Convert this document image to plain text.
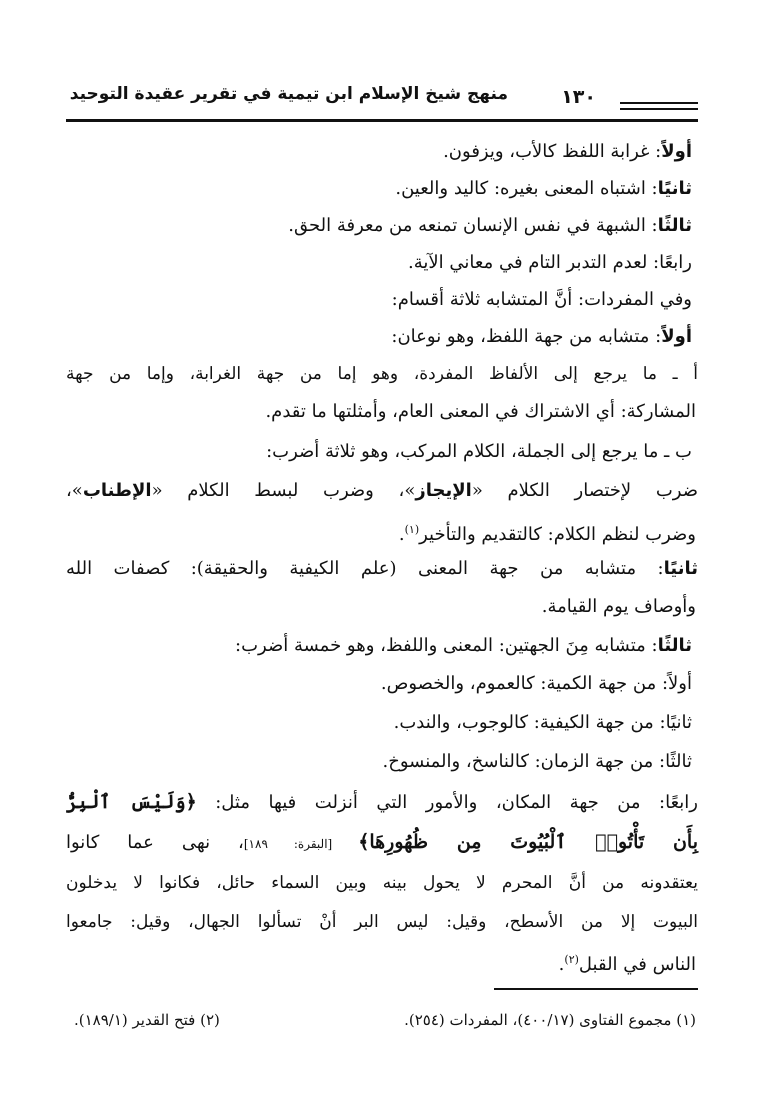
منهج شيخ الإسلام ابن تيمية في تقرير عقيدة التوحيد	١٣٠
أولاً: غرابة اللفظ كالأب، ويزفون.
ثانيًا: اشتباه المعنى بغيره: كاليد والعين.
ثالثًا: الشبهة في نفس الإنسان تمنعه من معرفة الحق.
رابعًا: لعدم التدبر التام في معاني الآية.
وفي المفردات: أنَّ المتشابه ثلاثة أقسام:
أولاً: متشابه من جهة اللفظ، وهو نوعان:
أ ـ ما يرجع إلى الألفاظ المفردة، وهو إما من جهة الغرابة، وإما من جهة
المشاركة: أي الاشتراك في المعنى العام، وأمثلتها ما تقدم.
ب ـ ما يرجع إلى الجملة، الكلام المركب، وهو ثلاثة أضرب:
ضرب لإختصار الكلام «الإيجاز»، وضرب لبسط الكلام «الإطناب»،
وضرب لنظم الكلام: كالتقديم والتأخير$^{(١)}$.
ثانيًا: متشابه من جهة المعنى (علم الكيفية والحقيقة): كصفات الله
وأوصاف يوم القيامة.
ثالثًا: متشابه مِنَ الجهتين: المعنى واللفظ، وهو خمسة أضرب:
أولاً: من جهة الكمية: كالعموم، والخصوص.
ثانيًا: من جهة الكيفية: كالوجوب، والندب.
ثالثًا: من جهة الزمان: كالناسخ، والمنسوخ.
رابعًا: من جهة المكان، والأمور التي أنزلت فيها مثل: ﴿وَلَيْسَ ٱلْبِرُّ
بِأَن تَأْتُوا۟ ٱلْبُيُوتَ مِن ظُهُورِهَا﴾ [البقرة: ١٨٩]، نهى عما كانوا
يعتقدونه من أنَّ المحرم لا يحول بينه وبين السماء حائل، فكانوا لا يدخلون
البيوت إلا من الأسطح، وقيل: ليس البر أنْ تسألوا الجهال، وقيل: جامعوا
الناس في القبل$^{(٢)}$.
(١) مجموع الفتاوى (٤٠٠/١٧)، المفردات (٢٥٤).
(٢) فتح القدير (١٨٩/١).
